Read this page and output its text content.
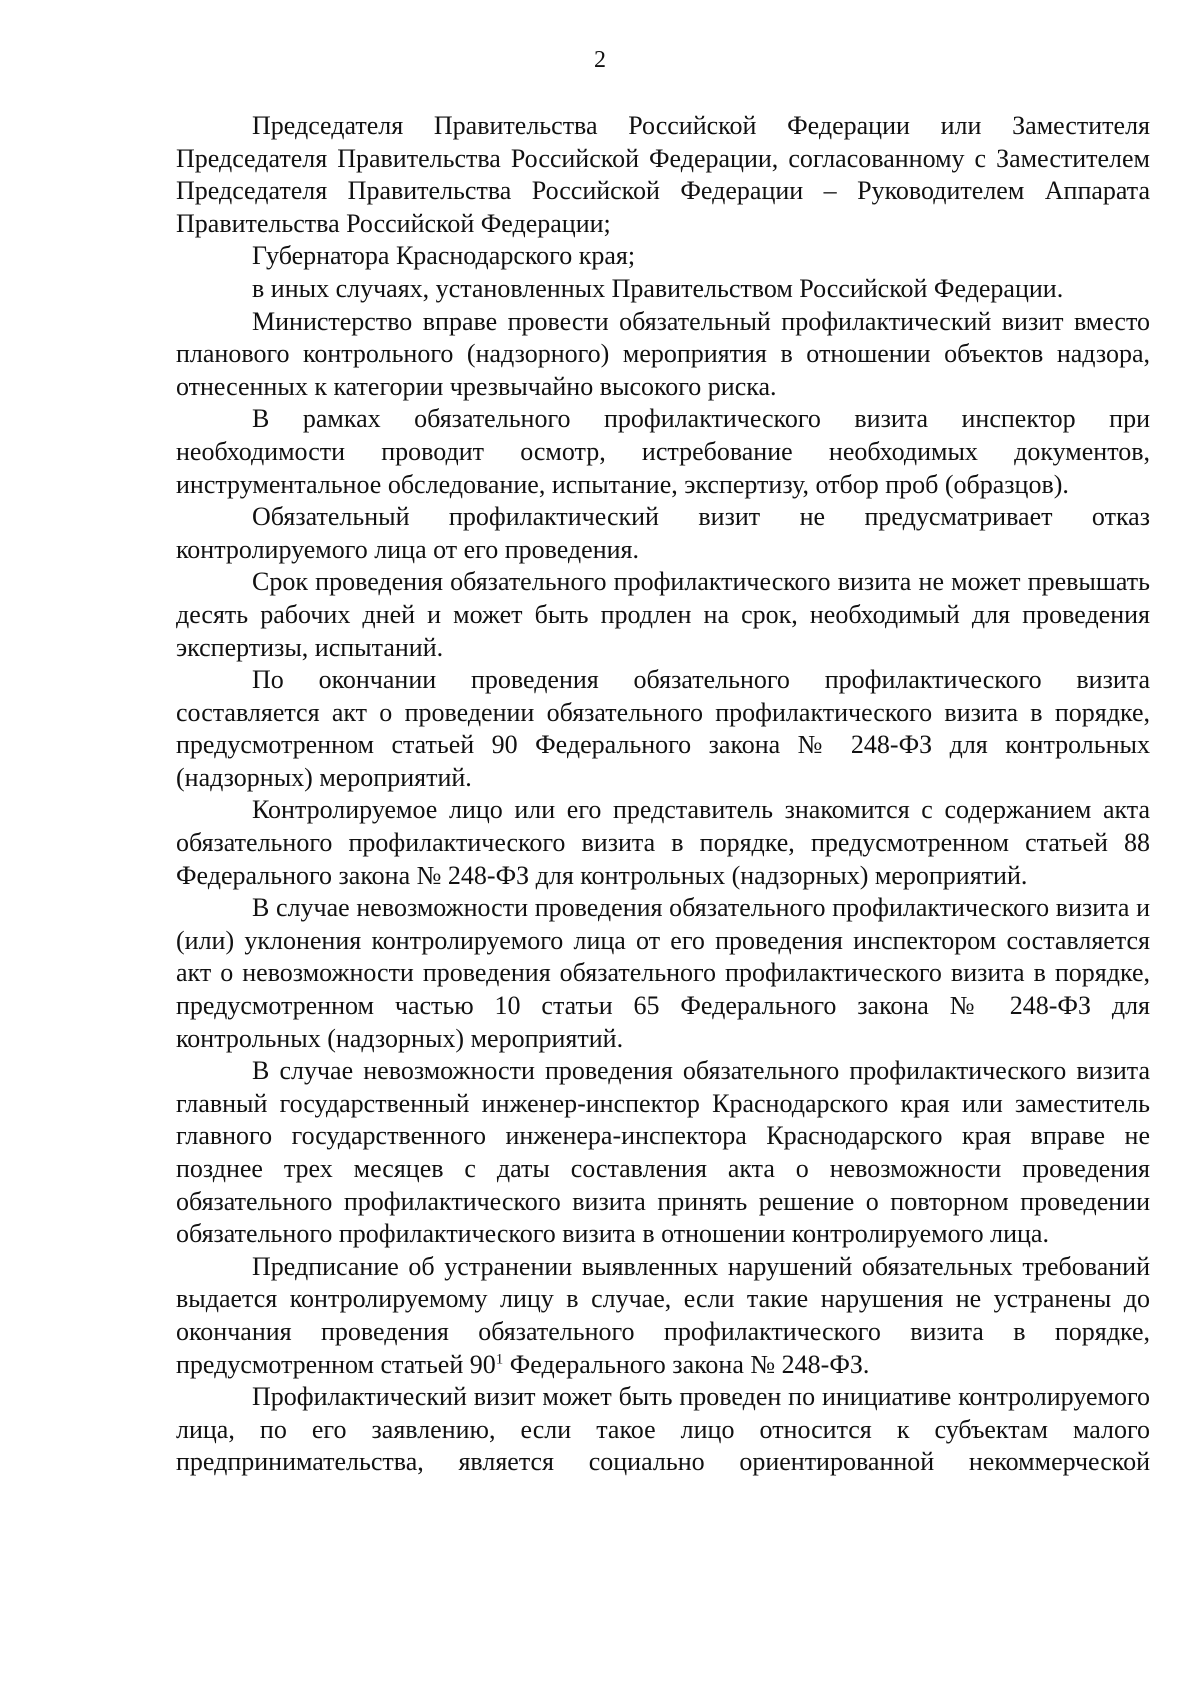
2

Председателя Правительства Российской Федерации или Заместителя Председателя Правительства Российской Федерации, согласованному с Заместителем Председателя Правительства Российской Федерации – Руководителем Аппарата Правительства Российской Федерации;

Губернатора Краснодарского края;

в иных случаях, установленных Правительством Российской Федерации.

Министерство вправе провести обязательный профилактический визит вместо планового контрольного (надзорного) мероприятия в отношении объектов надзора, отнесенных к категории чрезвычайно высокого риска.

В рамках обязательного профилактического визита инспектор при необходимости проводит осмотр, истребование необходимых документов, инструментальное обследование, испытание, экспертизу, отбор проб (образцов).

Обязательный профилактический визит не предусматривает отказ контролируемого лица от его проведения.

Срок проведения обязательного профилактического визита не может превышать десять рабочих дней и может быть продлен на срок, необходимый для проведения экспертизы, испытаний.

По окончании проведения обязательного профилактического визита составляется акт о проведении обязательного профилактического визита в порядке, предусмотренном статьей 90 Федерального закона № 248-ФЗ для контрольных (надзорных) мероприятий.

Контролируемое лицо или его представитель знакомится с содержанием акта обязательного профилактического визита в порядке, предусмотренном статьей 88 Федерального закона № 248-ФЗ для контрольных (надзорных) мероприятий.

В случае невозможности проведения обязательного профилактического визита и (или) уклонения контролируемого лица от его проведения инспектором составляется акт о невозможности проведения обязательного профилактического визита в порядке, предусмотренном частью 10 статьи 65 Федерального закона № 248-ФЗ для контрольных (надзорных) мероприятий.

В случае невозможности проведения обязательного профилактического визита главный государственный инженер-инспектор Краснодарского края или заместитель главного государственного инженера-инспектора Краснодарского края вправе не позднее трех месяцев с даты составления акта о невозможности проведения обязательного профилактического визита принять решение о повторном проведении обязательного профилактического визита в отношении контролируемого лица.

Предписание об устранении выявленных нарушений обязательных требований выдается контролируемому лицу в случае, если такие нарушения не устранены до окончания проведения обязательного профилактического визита в порядке, предусмотренном статьей $90^1$ Федерального закона № 248-ФЗ.

Профилактический визит может быть проведен по инициативе контролируемого лица, по его заявлению, если такое лицо относится к субъектам малого предпринимательства, является социально ориентированной некоммерческой
